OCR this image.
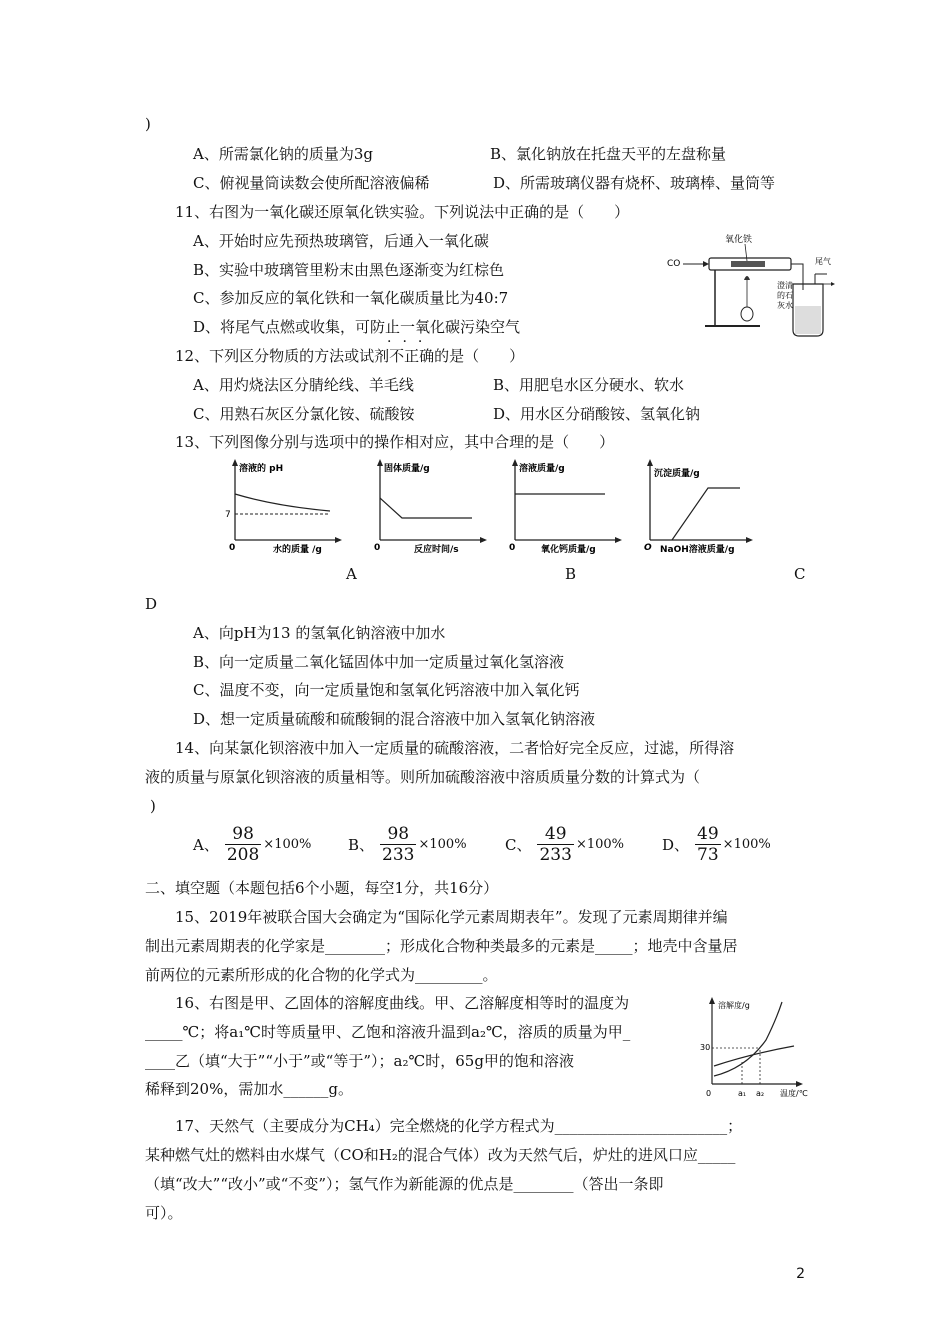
)
A、所需氯化钠的质量为3g	B、氯化钠放在托盘天平的左盘称量
C、俯视量筒读数会使所配溶液偏稀	D、所需玻璃仪器有烧杯、玻璃棒、量筒等
11、右图为一氧化碳还原氧化铁实验。下列说法中正确的是（　　）
A、开始时应先预热玻璃管，后通入一氧化碳
B、实验中玻璃管里粉末由黑色逐渐变为红棕色
C、参加反应的氧化铁和一氧化碳质量比为40:7
D、将尾气点燃或收集，可防止一氧化碳污染空气
CO
氧化铁
澄清
的石
灰水
尾气
···
12、下列区分物质的方法或试剂不正确的是（　　）
A、用灼烧法区分腈纶线、羊毛线	B、用肥皂水区分硬水、软水
C、用熟石灰区分氯化铵、硫酸铵	D、用水区分硝酸铵、氢氧化钠
13、下列图像分别与选项中的操作相对应，其中合理的是（　　）
溶液的 pH
水的质量 /g
0
7
固体质量/g
反应时间/s
0
溶液质量/g
氧化钙质量/g
0
沉淀质量/g
NaOH溶液质量/g
O
A	B	C
D
A、向pH为13 的氢氧化钠溶液中加水
B、向一定质量二氧化锰固体中加一定质量过氧化氢溶液
C、温度不变，向一定质量饱和氢氧化钙溶液中加入氧化钙
D、想一定质量硫酸和硫酸铜的混合溶液中加入氢氧化钠溶液
14、向某氯化钡溶液中加入一定质量的硫酸溶液，二者恰好完全反应，过滤，所得溶
液的质量与原氯化钡溶液的质量相等。则所加硫酸溶液中溶质质量分数的计算式为（
)
A、 $\frac{98}{208} \times 100\%$ B、 $\frac{98}{233} \times 100\%$	C、 $\frac{49}{233} \times 100\%$	D、 $\frac{49}{73} \times 100\%$
二、填空题（本题包括6个小题，每空1分，共16分）
15、2019年被联合国大会确定为“国际化学元素周期表年”。发现了元素周期律并编
制出元素周期表的化学家是________；形成化合物种类最多的元素是_____；地壳中含量居
前两位的元素所形成的化合物的化学式为_________。
16、右图是甲、乙固体的溶解度曲线。甲、乙溶解度相等时的温度为
_____℃；将a₁℃时等质量甲、乙饱和溶液升温到a₂℃，溶质的质量为甲_
____乙（填“大于”“小于”或“等于”）；a₂℃时，65g甲的饱和溶液
稀释到20%，需加水______g。
溶解度/g
30
0	a₁ a₂ 温度/℃
17、天然气（主要成分为CH₄）完全燃烧的化学方程式为_______________________；
某种燃气灶的燃料由水煤气（CO和H₂的混合气体）改为天然气后，炉灶的进风口应_____
（填“改大”“改小”或“不变”）；氢气作为新能源的优点是________（答出一条即
可）。
2
